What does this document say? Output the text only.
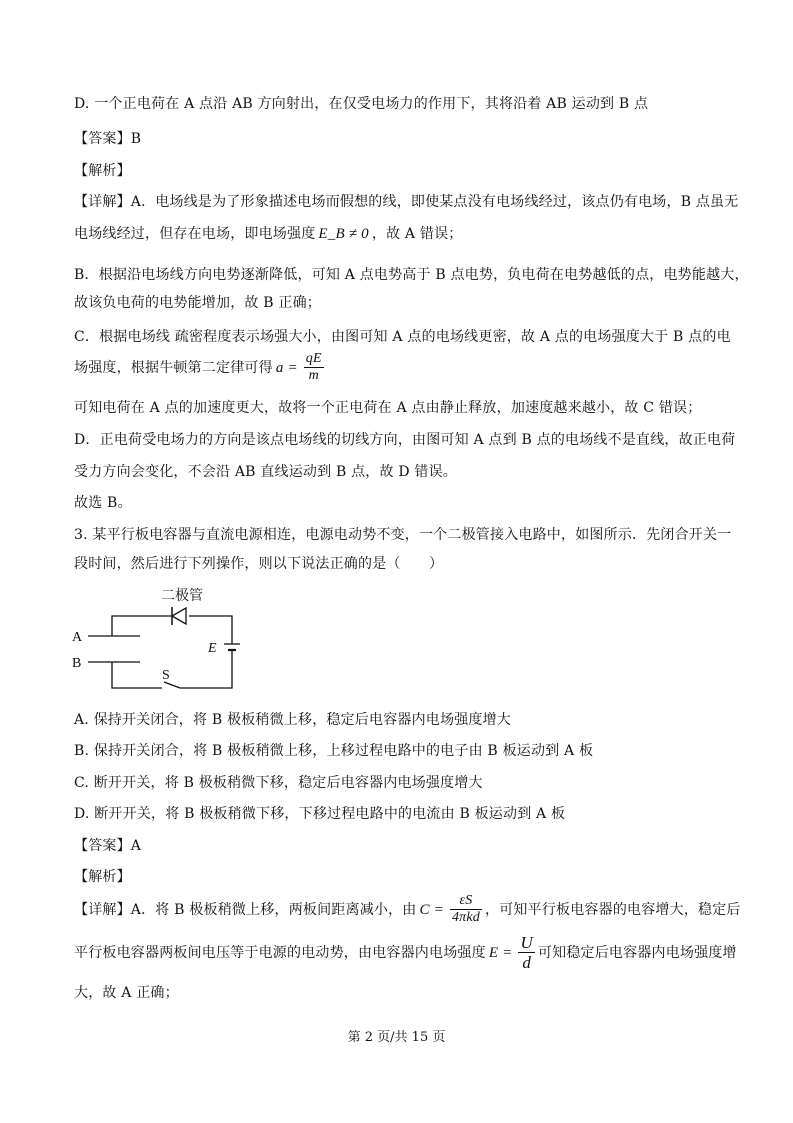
D. 一个正电荷在 A 点沿 AB 方向射出，在仅受电场力的作用下，其将沿着 AB 运动到 B 点

【答案】B

【解析】

【详解】A．电场线是为了形象描述电场而假想的线，即使某点没有电场线经过，该点仍有电场，B 点虽无

电场线经过，但存在电场，即电场强度 E_B ≠ 0 ，故 A 错误；

B．根据沿电场线方向电势逐渐降低，可知 A 点电势高于 B 点电势，负电荷在电势越低的点，电势能越大，

故该负电荷的电势能增加，故 B 正确；

C．根据电场线 疏密程度表示场强大小，由图可知 A 点的电场线更密，故 A 点的电场强度大于 B 点的电

场强度，根据牛顿第二定律可得 $a = \frac{qE}{m}$

可知电荷在 A 点的加速度更大，故将一个正电荷在 A 点由静止释放，加速度越来越小，故 C 错误；

D．正电荷受电场力的方向是该点电场线的切线方向，由图可知 A 点到 B 点的电场线不是直线，故正电荷

受力方向会变化，不会沿 AB 直线运动到 B 点，故 D 错误。

故选 B。

3. 某平行板电容器与直流电源相连，电源电动势不变，一个二极管接入电路中，如图所示．先闭合开关一

段时间，然后进行下列操作，则以下说法正确的是（　　）

二极管
A
B
E
S

A. 保持开关闭合，将 B 极板稍微上移，稳定后电容器内电场强度增大

B. 保持开关闭合，将 B 极板稍微上移，上移过程电路中的电子由 B 板运动到 A 板

C. 断开开关，将 B 极板稍微下移，稳定后电容器内电场强度增大

D. 断开开关，将 B 极板稍微下移，下移过程电路中的电流由 B 板运动到 A 板

【答案】A

【解析】

【详解】A．将 B 极板稍微上移，两板间距离减小，由 $C = \frac{\varepsilon S}{\text{4πkd}}$ ，可知平行板电容器的电容增大，稳定后

平行板电容器两板间电压等于电源的电动势，由电容器内电场强度 $E = \frac{U}{d}$ 可知稳定后电容器内电场强度增

大，故 A 正确；

第 2 页/共 15 页
